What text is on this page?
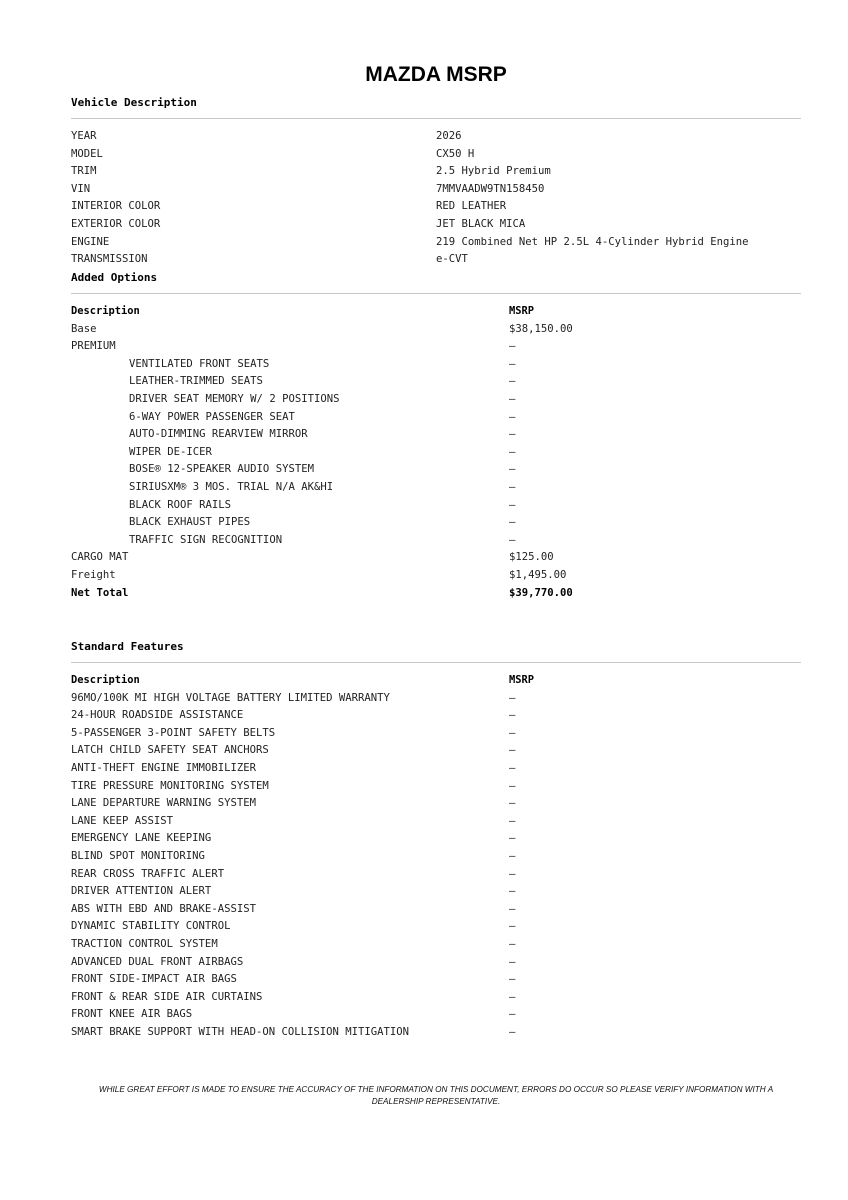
MAZDA MSRP
Vehicle Description
YEAR	2026
MODEL	CX50 H
TRIM	2.5 Hybrid Premium
VIN	7MMVAADW9TN158450
INTERIOR COLOR	RED LEATHER
EXTERIOR COLOR	JET BLACK MICA
ENGINE	219 Combined Net HP 2.5L 4-Cylinder Hybrid Engine
TRANSMISSION	e-CVT
Added Options
Description	MSRP
Base	$38,150.00
PREMIUM	—
VENTILATED FRONT SEATS	—
LEATHER-TRIMMED SEATS	—
DRIVER SEAT MEMORY W/ 2 POSITIONS	—
6-WAY POWER PASSENGER SEAT	—
AUTO-DIMMING REARVIEW MIRROR	—
WIPER DE-ICER	—
BOSE® 12-SPEAKER AUDIO SYSTEM	—
SIRIUSXM® 3 MOS. TRIAL N/A AK&HI	—
BLACK ROOF RAILS	—
BLACK EXHAUST PIPES	—
TRAFFIC SIGN RECOGNITION	—
CARGO MAT	$125.00
Freight	$1,495.00
Net Total	$39,770.00
Standard Features
Description	MSRP
96MO/100K MI HIGH VOLTAGE BATTERY LIMITED WARRANTY	—
24-HOUR ROADSIDE ASSISTANCE	—
5-PASSENGER 3-POINT SAFETY BELTS	—
LATCH CHILD SAFETY SEAT ANCHORS	—
ANTI-THEFT ENGINE IMMOBILIZER	—
TIRE PRESSURE MONITORING SYSTEM	—
LANE DEPARTURE WARNING SYSTEM	—
LANE KEEP ASSIST	—
EMERGENCY LANE KEEPING	—
BLIND SPOT MONITORING	—
REAR CROSS TRAFFIC ALERT	—
DRIVER ATTENTION ALERT	—
ABS WITH EBD AND BRAKE-ASSIST	—
DYNAMIC STABILITY CONTROL	—
TRACTION CONTROL SYSTEM	—
ADVANCED DUAL FRONT AIRBAGS	—
FRONT SIDE-IMPACT AIR BAGS	—
FRONT & REAR SIDE AIR CURTAINS	—
FRONT KNEE AIR BAGS	—
SMART BRAKE SUPPORT WITH HEAD-ON COLLISION MITIGATION	—
WHILE GREAT EFFORT IS MADE TO ENSURE THE ACCURACY OF THE INFORMATION ON THIS DOCUMENT, ERRORS DO OCCUR SO PLEASE VERIFY INFORMATION WITH A DEALERSHIP REPRESENTATIVE.
